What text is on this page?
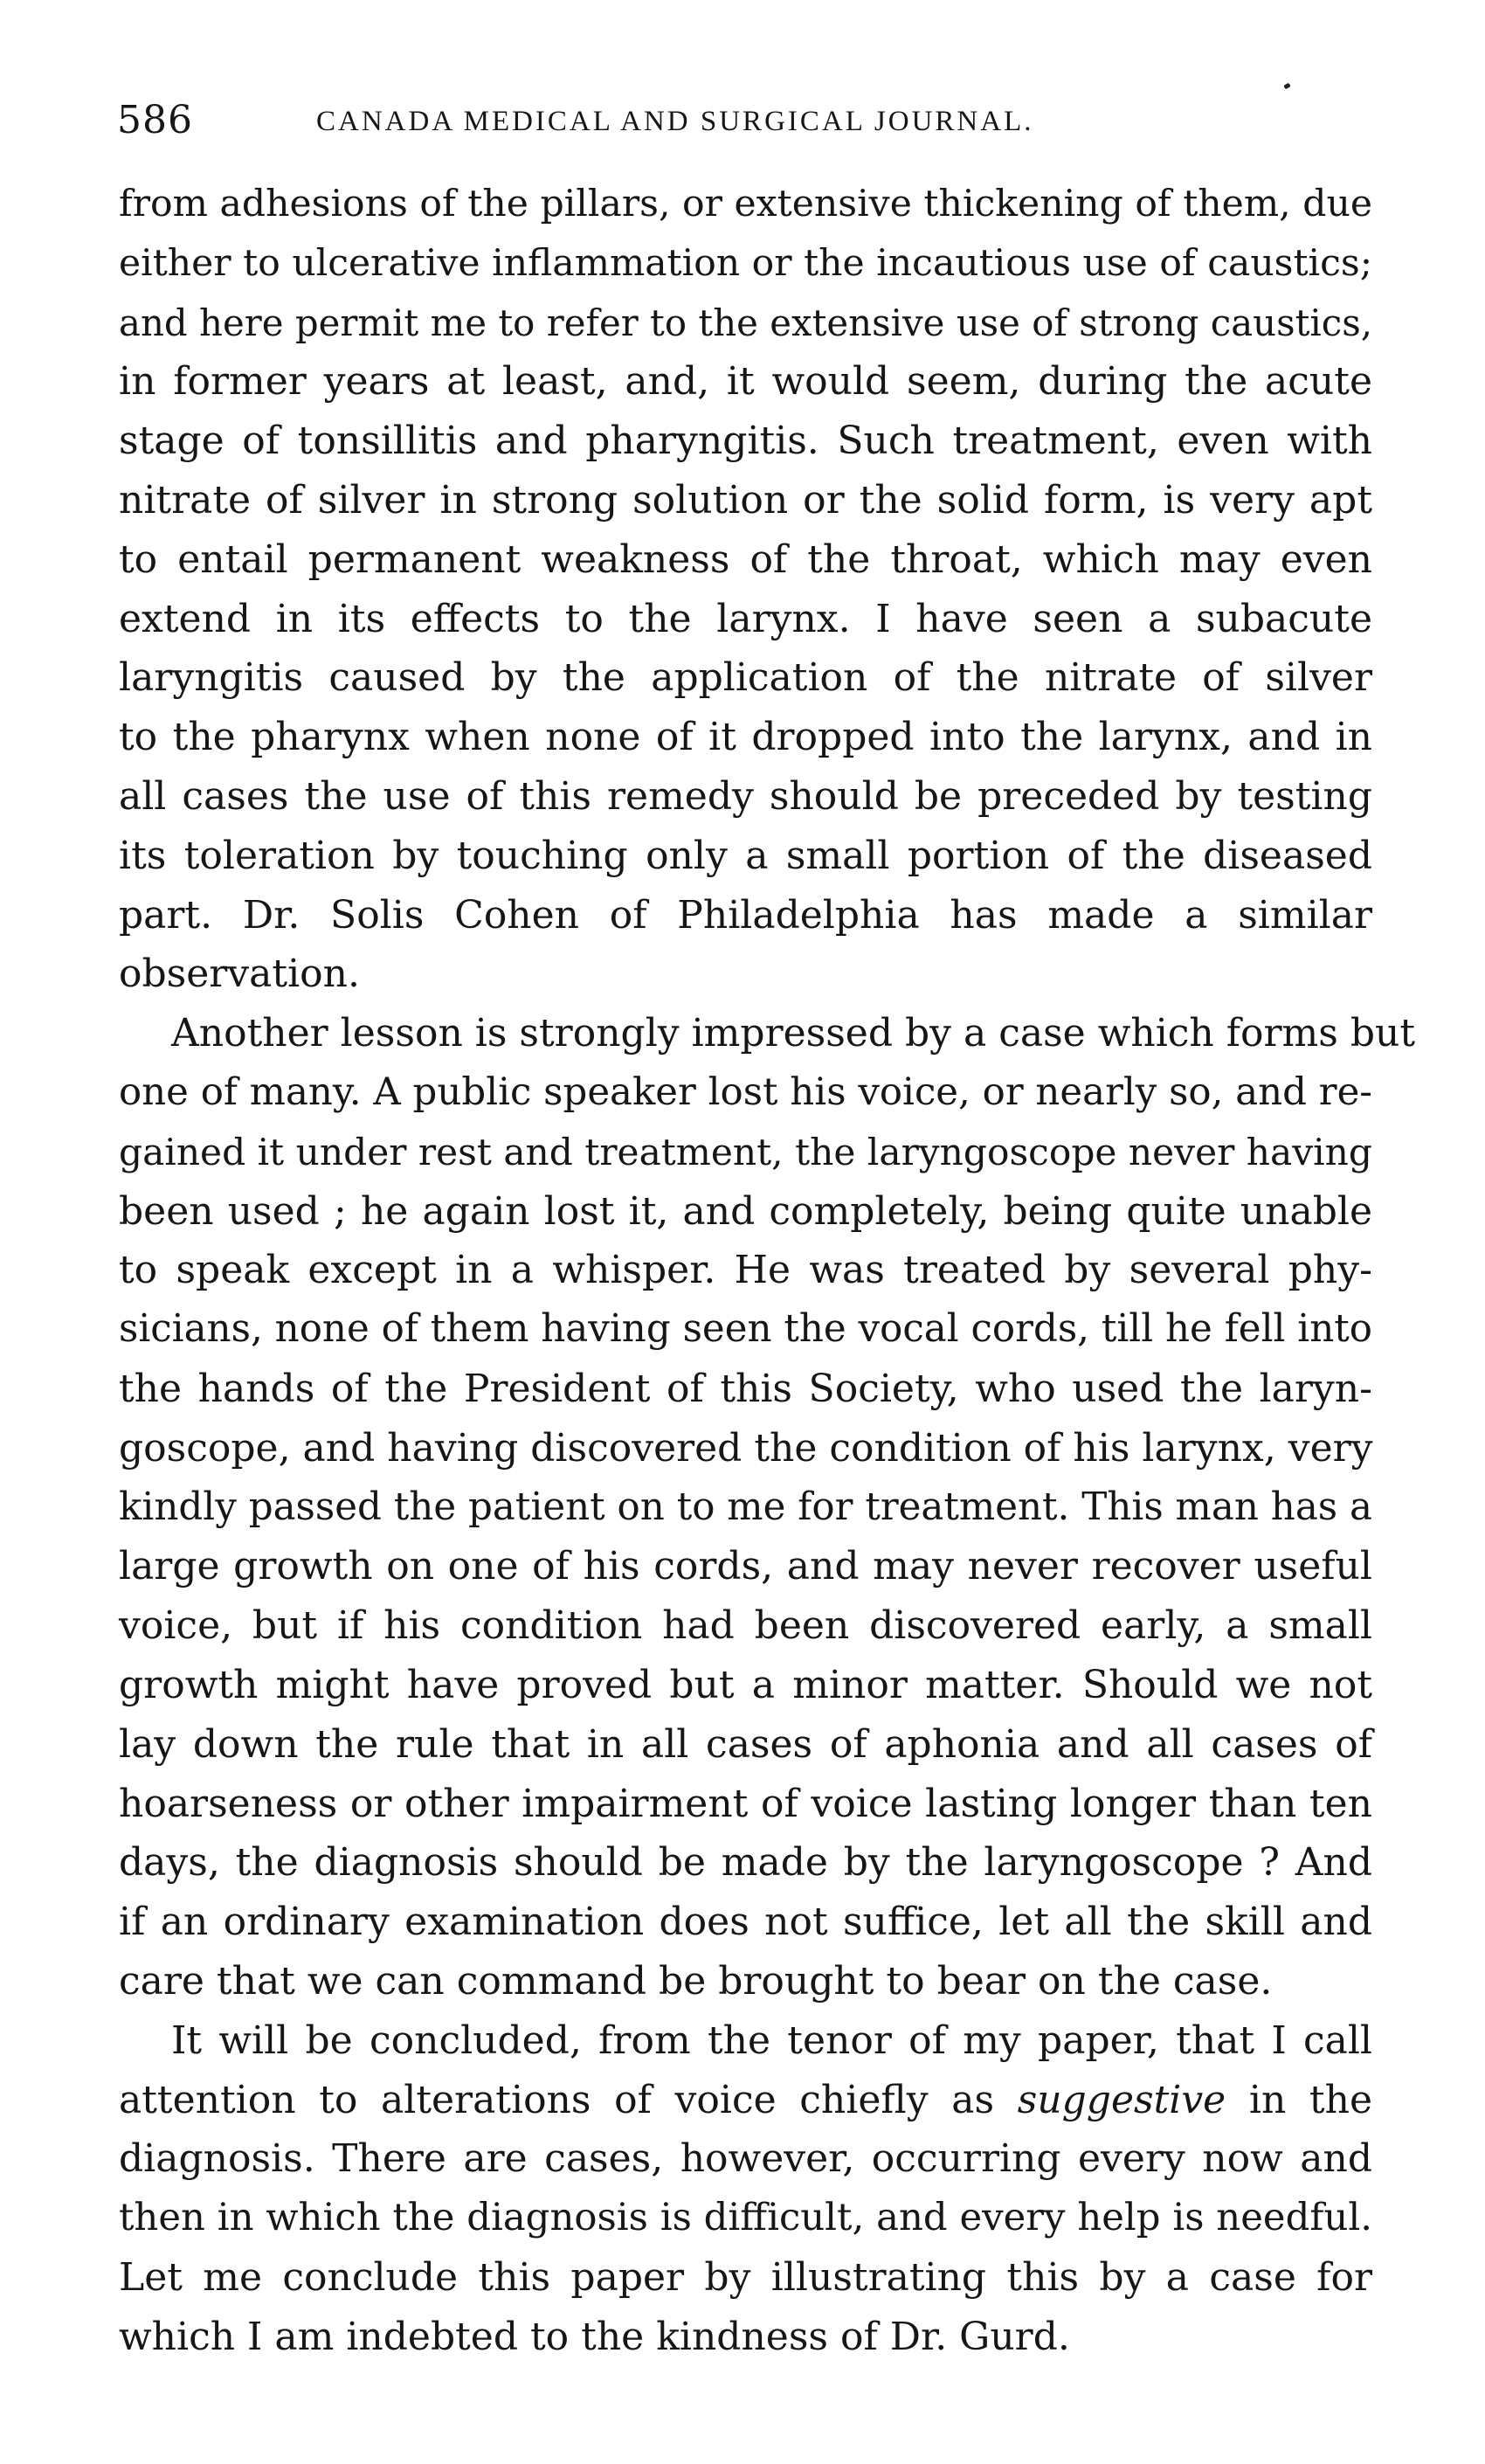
586	CANADA MEDICAL AND SURGICAL JOURNAL.
from adhesions of the pillars, or extensive thickening of them, due
either to ulcerative inflammation or the incautious use of caustics;
and here permit me to refer to the extensive use of strong caustics,
in former years at least, and, it would seem, during the acute
stage of tonsillitis and pharyngitis. Such treatment, even with
nitrate of silver in strong solution or the solid form, is very apt
to entail permanent weakness of the throat, which may even
extend in its effects to the larynx. I have seen a subacute
laryngitis caused by the application of the nitrate of silver
to the pharynx when none of it dropped into the larynx, and in
all cases the use of this remedy should be preceded by testing
its toleration by touching only a small portion of the diseased
part. Dr. Solis Cohen of Philadelphia has made a similar
observation.
Another lesson is strongly impressed by a case which forms but
one of many. A public speaker lost his voice, or nearly so, and re-
gained it under rest and treatment, the laryngoscope never having
been used ; he again lost it, and completely, being quite unable
to speak except in a whisper. He was treated by several phy-
sicians, none of them having seen the vocal cords, till he fell into
the hands of the President of this Society, who used the laryn-
goscope, and having discovered the condition of his larynx, very
kindly passed the patient on to me for treatment. This man has a
large growth on one of his cords, and may never recover useful
voice, but if his condition had been discovered early, a small
growth might have proved but a minor matter. Should we not
lay down the rule that in all cases of aphonia and all cases of
hoarseness or other impairment of voice lasting longer than ten
days, the diagnosis should be made by the laryngoscope ? And
if an ordinary examination does not suffice, let all the skill and
care that we can command be brought to bear on the case.
It will be concluded, from the tenor of my paper, that I call
attention to alterations of voice chiefly as suggestive in the
diagnosis. There are cases, however, occurring every now and
then in which the diagnosis is difficult, and every help is needful.
Let me conclude this paper by illustrating this by a case for
which I am indebted to the kindness of Dr. Gurd.
